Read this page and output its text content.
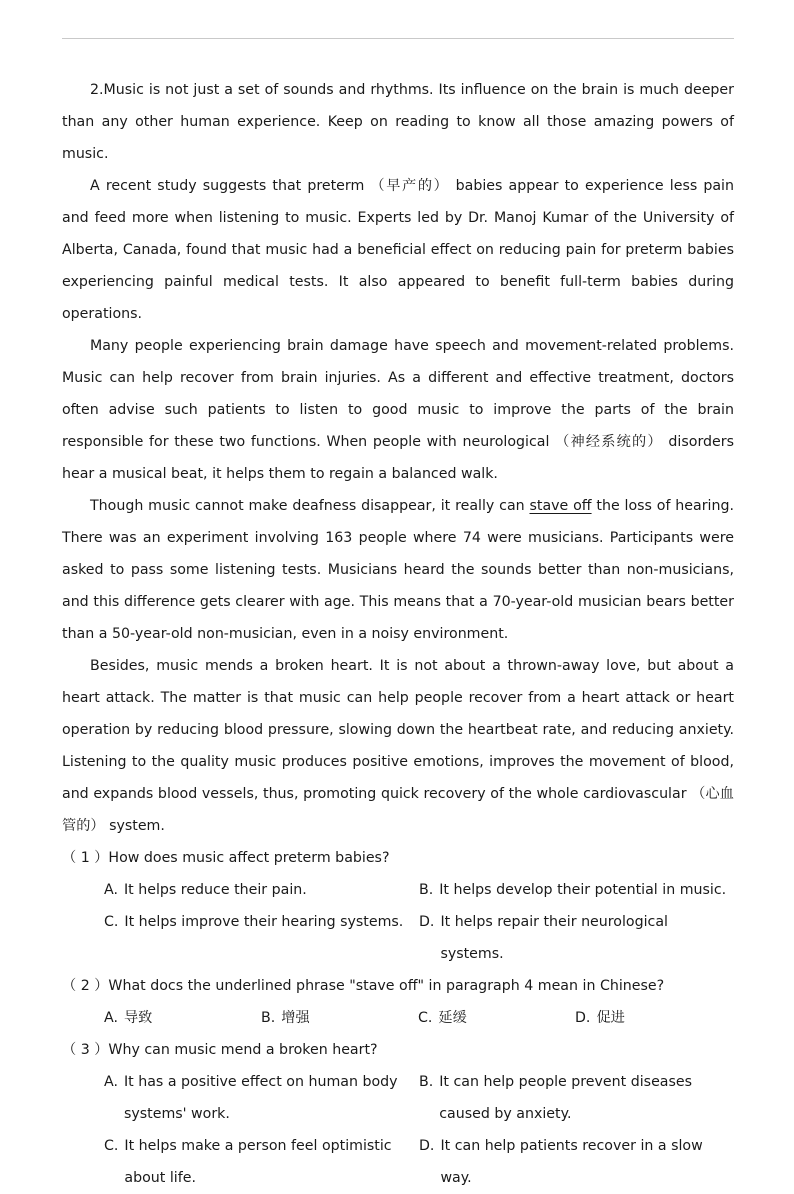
2.Music is not just a set of sounds and rhythms. Its influence on the brain is much deeper than any other human experience. Keep on reading to know all those amazing powers of music.

A recent study suggests that preterm （早产的） babies appear to experience less pain and feed more when listening to music. Experts led by Dr. Manoj Kumar of the University of Alberta, Canada, found that music had a beneficial effect on reducing pain for preterm babies experiencing painful medical tests. It also appeared to benefit full-term babies during operations.

Many people experiencing brain damage have speech and movement-related problems. Music can help recover from brain injuries. As a different and effective treatment, doctors often advise such patients to listen to good music to improve the parts of the brain responsible for these two functions. When people with neurological （神经系统的） disorders hear a musical beat, it helps them to regain a balanced walk.

Though music cannot make deafness disappear, it really can stave off the loss of hearing. There was an experiment involving 163 people where 74 were musicians. Participants were asked to pass some listening tests. Musicians heard the sounds better than non-musicians, and this difference gets clearer with age. This means that a 70-year-old musician bears better than a 50-year-old non-musician, even in a noisy environment.

Besides, music mends a broken heart. It is not about a thrown-away love, but about a heart attack. The matter is that music can help people recover from a heart attack or heart operation by reducing blood pressure, slowing down the heartbeat rate, and reducing anxiety. Listening to the quality music produces positive emotions, improves the movement of blood, and expands blood vessels, thus, promoting quick recovery of the whole cardiovascular （心血管的） system.

（ 1 ）How does music affect preterm babies?
A. It helps reduce their pain.	B. It helps develop their potential in music.
C. It helps improve their hearing systems.	D. It helps repair their neurological systems.
（ 2 ）What docs the underlined phrase "stave off" in paragraph 4 mean in Chinese?
A. 导致	B. 增强	C. 延缓	D. 促进
（ 3 ）Why can music mend a broken heart?
A. It has a positive effect on human body systems' work.
B. It can help people prevent diseases caused by anxiety.
C. It helps make a person feel optimistic about life.
D. It can help patients recover in a slow way.
